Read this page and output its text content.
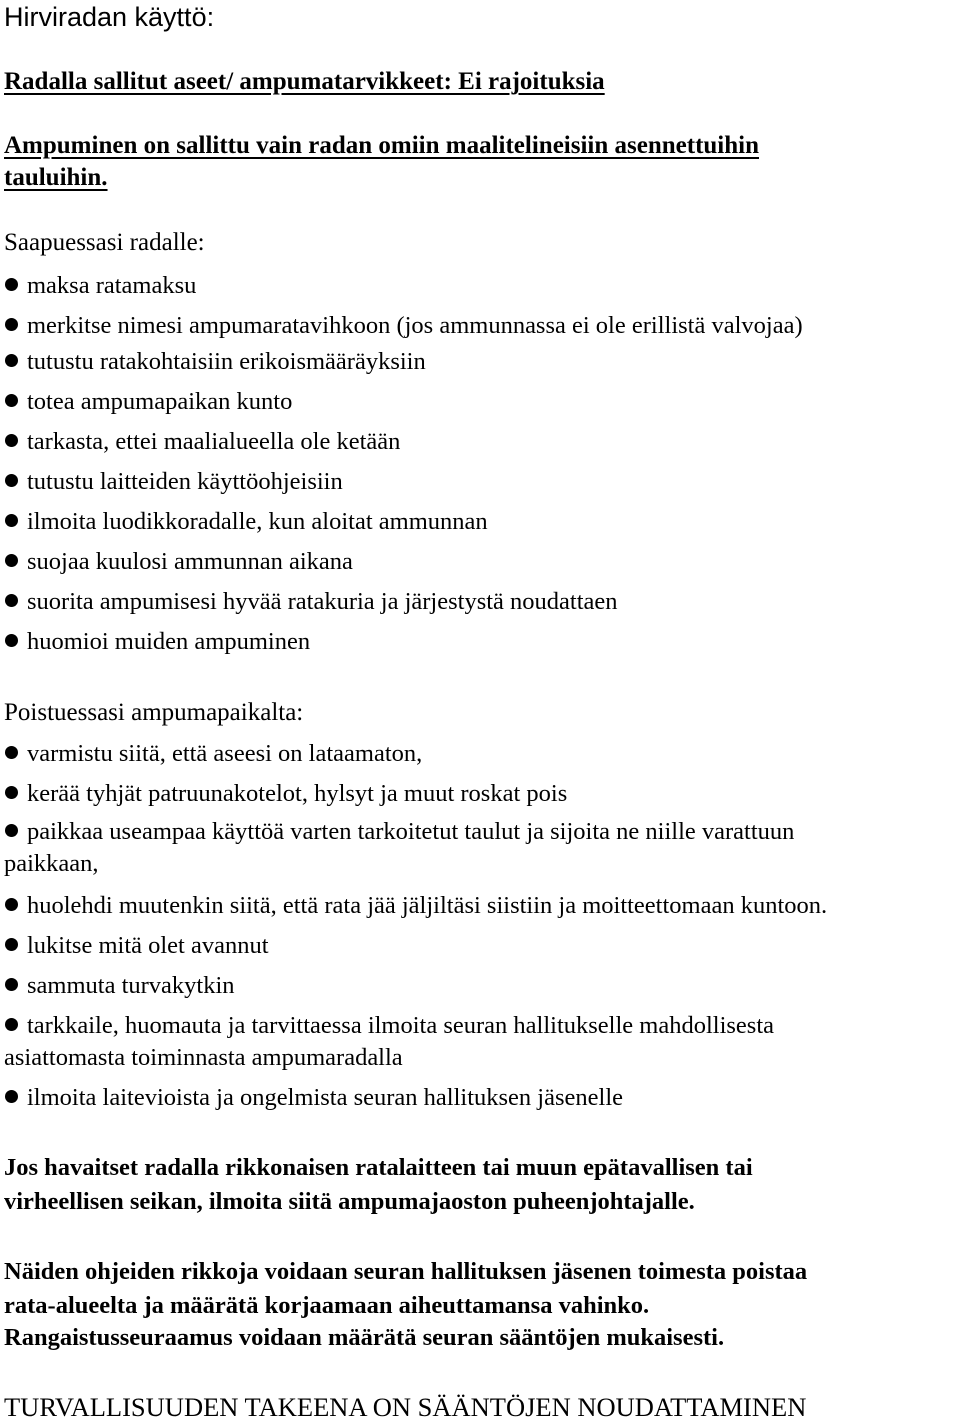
Hirviradan käyttö:
Radalla sallitut aseet/ ampumatarvikkeet: Ei rajoituksia
Ampuminen on sallittu vain radan omiin maalitelineisiin asennettuihin
tauluihin.
Saapuessasi radalle:
maksa ratamaksu
merkitse nimesi ampumaratavihkoon (jos ammunnassa ei ole erillistä valvojaa)
tutustu ratakohtaisiin erikoismääräyksiin
totea ampumapaikan kunto
tarkasta, ettei maalialueella ole ketään
tutustu laitteiden käyttöohjeisiin
ilmoita luodikkoradalle, kun aloitat ammunnan
suojaa kuulosi ammunnan aikana
suorita ampumisesi hyvää ratakuria ja järjestystä noudattaen
huomioi muiden ampuminen
Poistuessasi ampumapaikalta:
varmistu siitä, että aseesi on lataamaton,
kerää tyhjät patruunakotelot, hylsyt ja muut roskat pois
paikkaa useampaa käyttöä varten tarkoitetut taulut ja sijoita ne niille varattuun
paikkaan,
huolehdi muutenkin siitä, että rata jää jäljiltäsi siistiin ja moitteettomaan kuntoon.
lukitse mitä olet avannut
sammuta turvakytkin
tarkkaile, huomauta ja tarvittaessa ilmoita seuran hallitukselle mahdollisesta
asiattomasta toiminnasta ampumaradalla
ilmoita laitevioista ja ongelmista seuran hallituksen jäsenelle
Jos havaitset radalla rikkonaisen ratalaitteen tai muun epätavallisen tai
virheellisen seikan, ilmoita siitä ampumajaoston puheenjohtajalle.
Näiden ohjeiden rikkoja voidaan seuran hallituksen jäsenen toimesta poistaa
rata-alueelta ja määrätä korjaamaan aiheuttamansa vahinko.
Rangaistusseuraamus voidaan määrätä seuran sääntöjen mukaisesti.
TURVALLISUUDEN TAKEENA ON SÄÄNTÖJEN NOUDATTAMINEN
